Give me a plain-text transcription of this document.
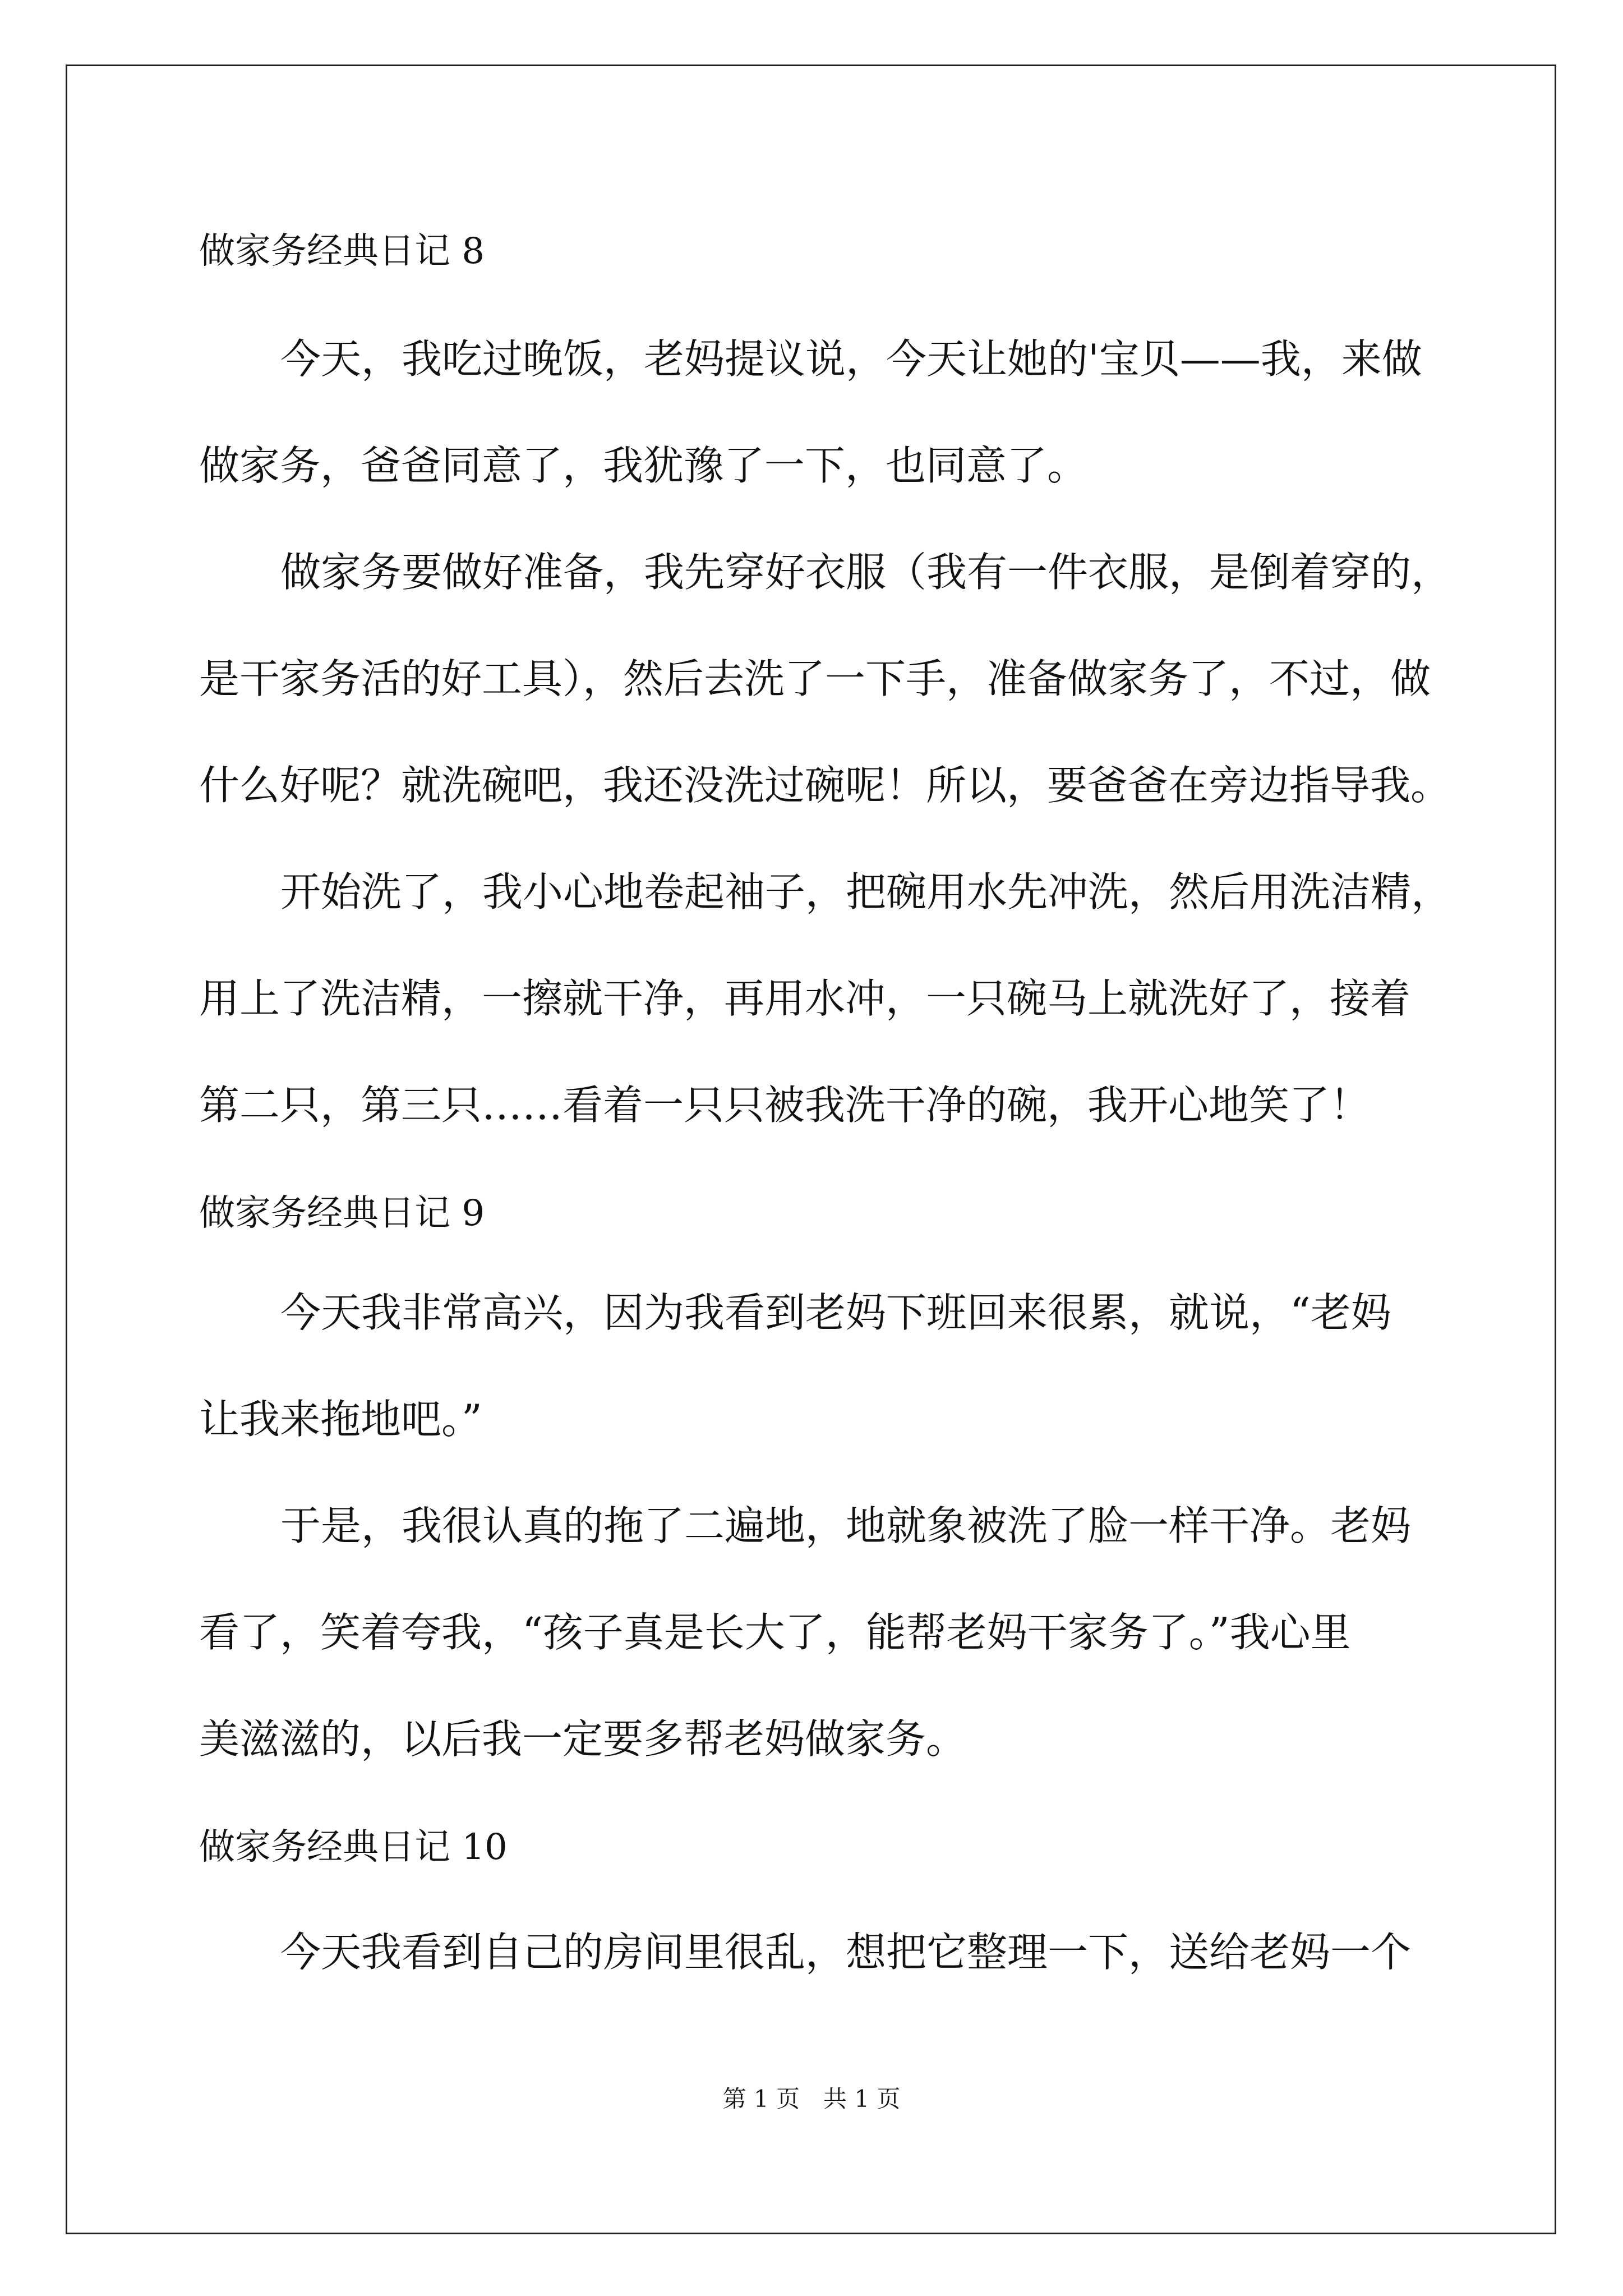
做家务经典日记 8
今天，我吃过晚饭，老妈提议说，今天让她的'宝贝——我，来做
做家务，爸爸同意了，我犹豫了一下，也同意了。
做家务要做好准备，我先穿好衣服（我有一件衣服，是倒着穿的，
是干家务活的好工具），然后去洗了一下手，准备做家务了，不过，做
什么好呢？就洗碗吧，我还没洗过碗呢！所以，要爸爸在旁边指导我。
开始洗了，我小心地卷起袖子，把碗用水先冲洗，然后用洗洁精，
用上了洗洁精，一擦就干净，再用水冲，一只碗马上就洗好了，接着
第二只，第三只……看着一只只被我洗干净的碗，我开心地笑了！
做家务经典日记 9
今天我非常高兴，因为我看到老妈下班回来很累，就说，“老妈
让我来拖地吧。”
于是，我很认真的拖了二遍地，地就象被洗了脸一样干净。老妈
看了，笑着夸我，“孩子真是长大了，能帮老妈干家务了。”我心里
美滋滋的，以后我一定要多帮老妈做家务。
做家务经典日记 10
今天我看到自己的房间里很乱，想把它整理一下，送给老妈一个
第 1 页　共 1 页
